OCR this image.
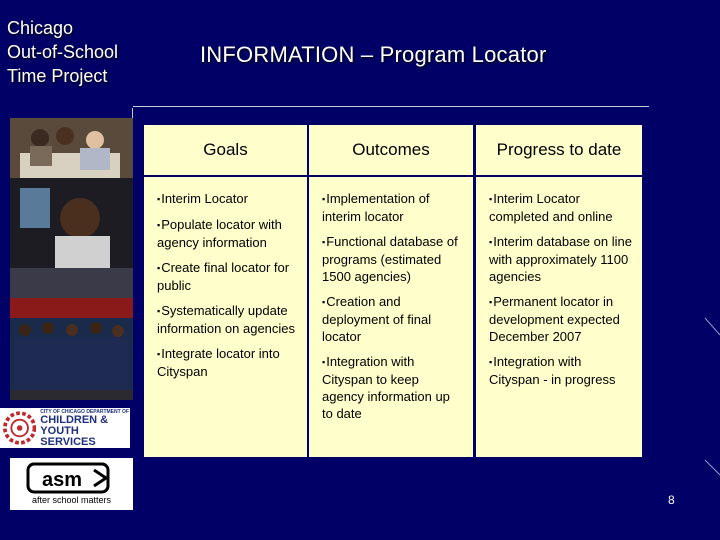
Chicago
Out-of-School
Time Project
INFORMATION – Program Locator
Goals
▪Interim Locator
▪Populate locator with agency information
▪Create final locator for public
▪Systematically update information on agencies
▪Integrate locator into Cityspan
Outcomes
▪Implementation of interim locator
▪Functional database of programs (estimated 1500 agencies)
▪Creation and deployment of final locator
▪Integration with Cityspan to keep agency information up to date
Progress to date
▪Interim Locator completed and online
▪Interim database on line with approximately 1100 agencies
▪Permanent locator in development expected December 2007
▪Integration with Cityspan - in progress
CITY OF CHICAGO DEPARTMENT OF
CHILDREN &
YOUTH SERVICES
asm
after school matters	8
